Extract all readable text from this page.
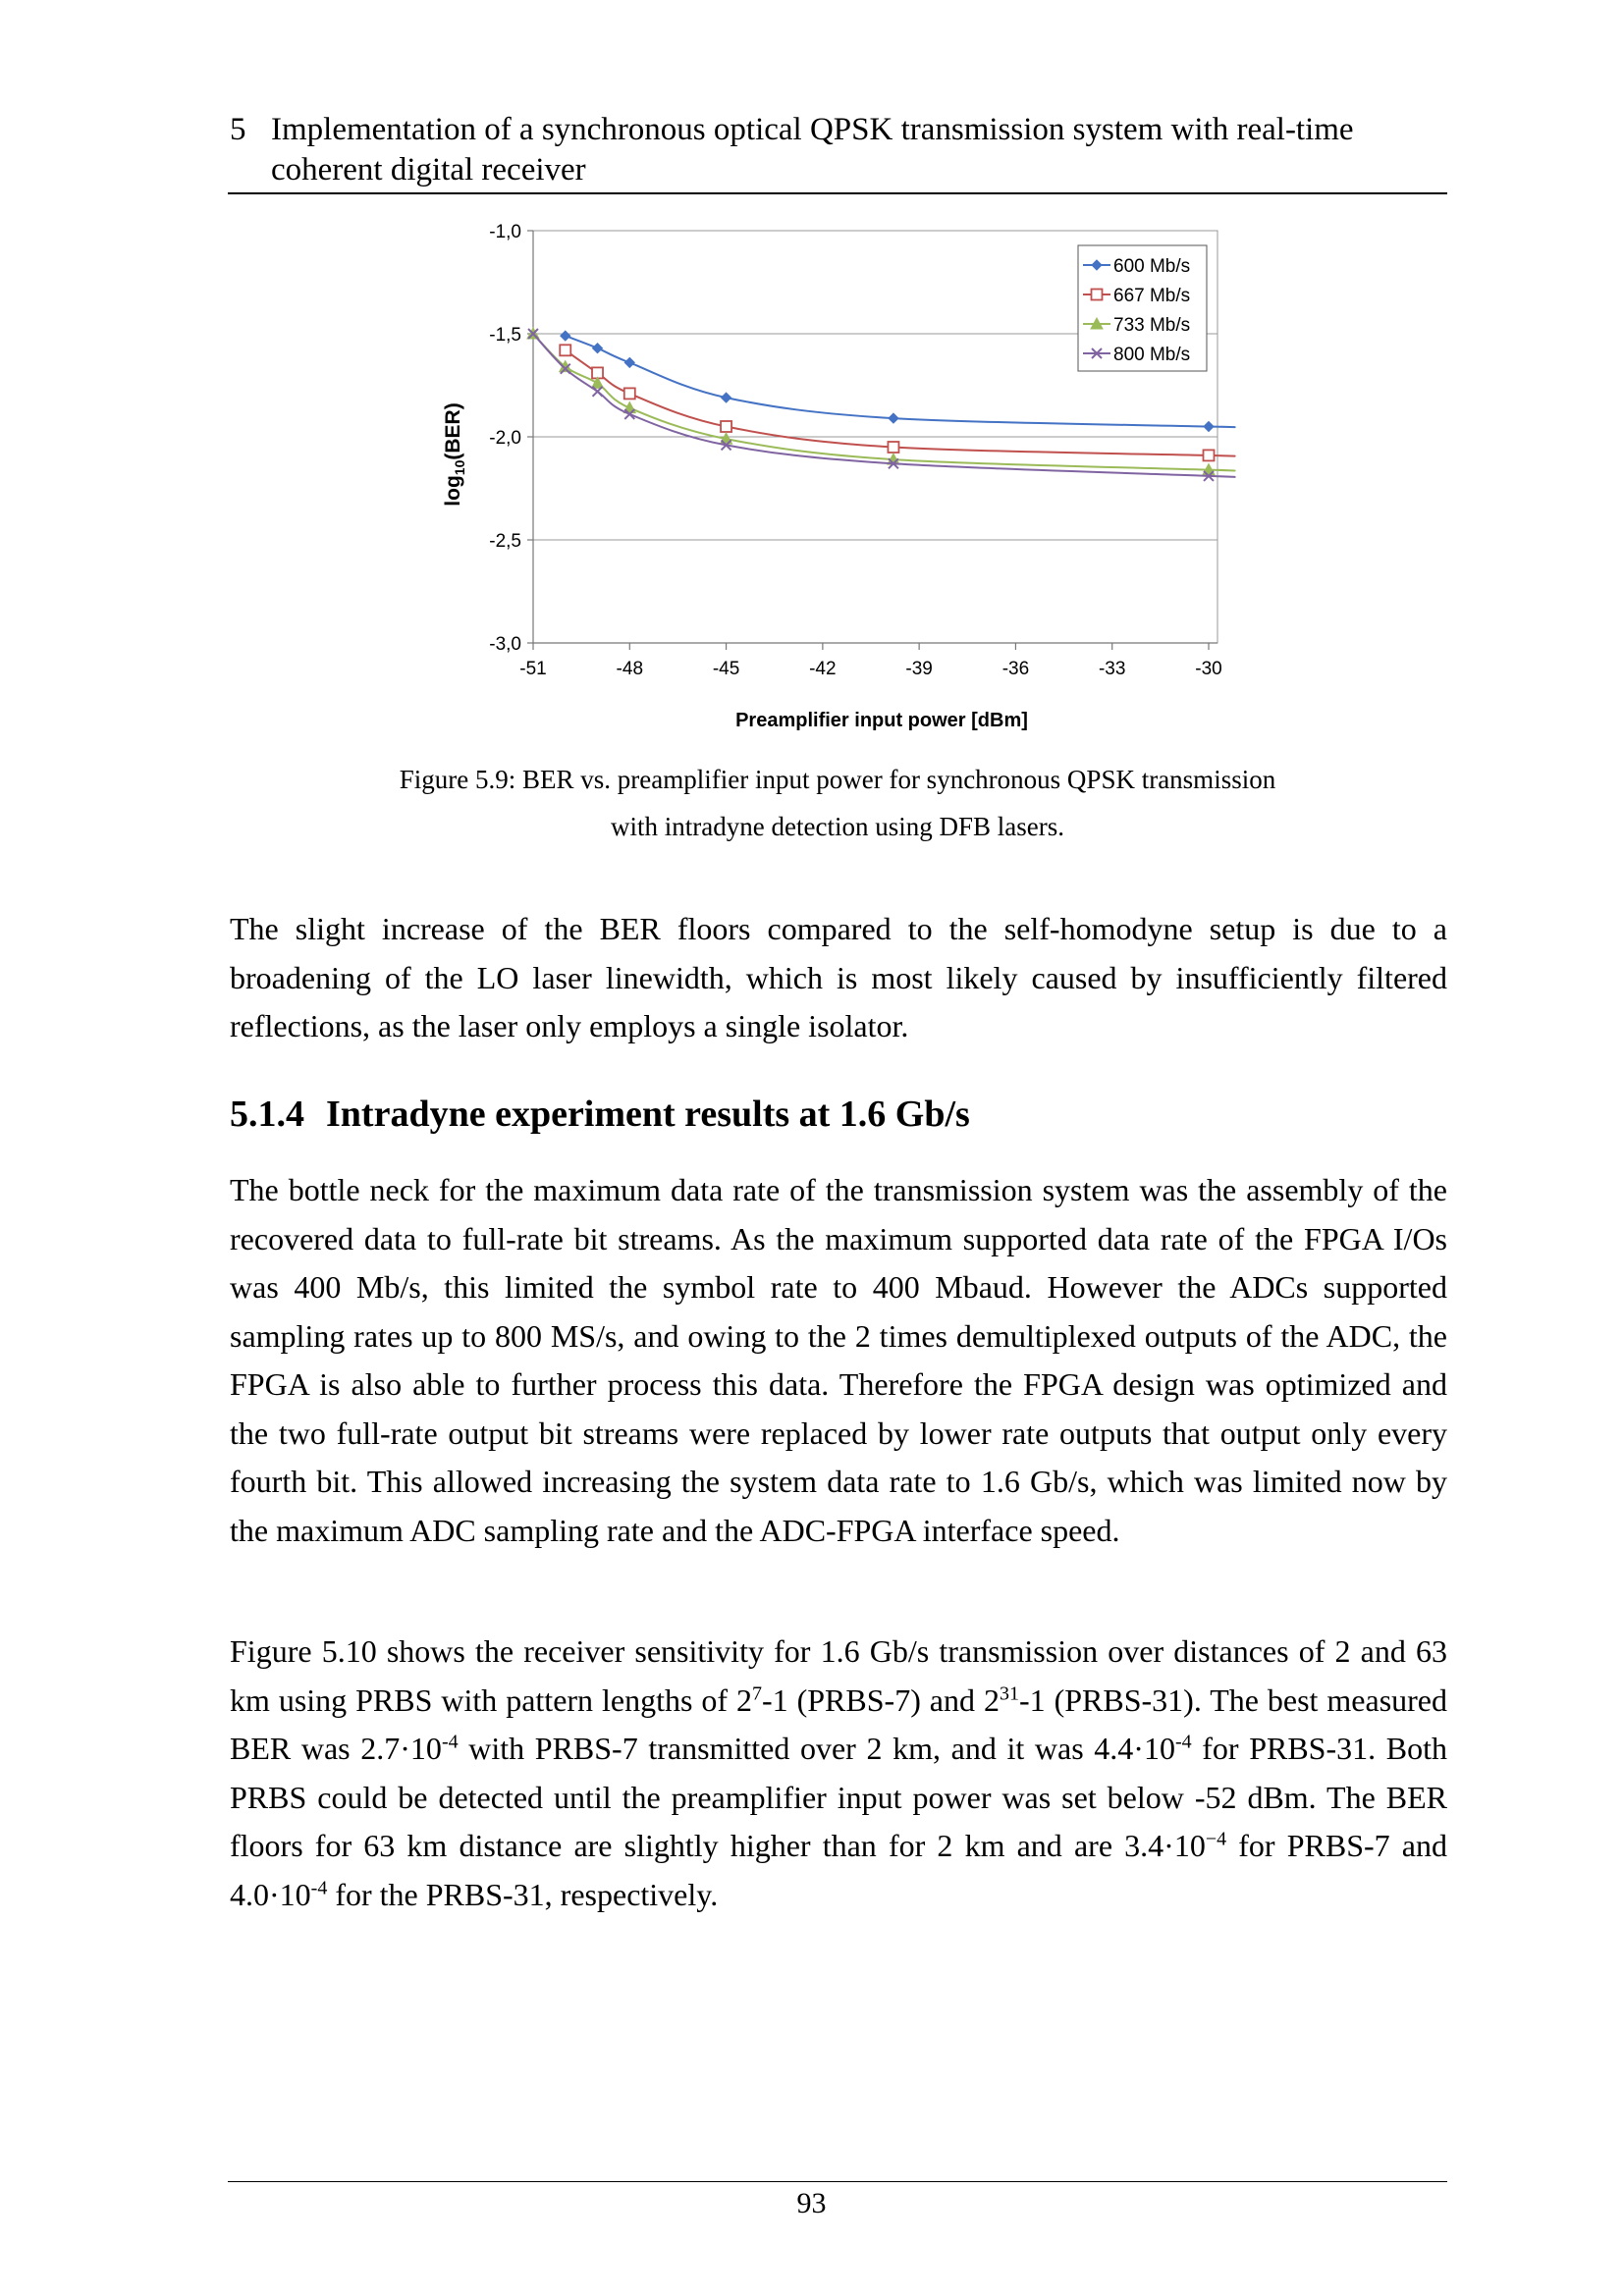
5 Implementation of a synchronous optical QPSK transmission system with real-time coherent digital receiver
-1,0
-1,5
-2,0
-2,5
-3,0
-51	-48	-45	-42	-39	-36	-33	-30
600 Mb/s
667 Mb/s
733 Mb/s
800 Mb/s
Preamplifier input power [dBm]
$\log_{10}(BER)$
Figure 5.9: BER vs. preamplifier input power for synchronous QPSK transmission
with intradyne detection using DFB lasers.
The slight increase of the BER floors compared to the self-homodyne setup is due to a broadening of the LO laser linewidth, which is most likely caused by insufficiently filtered reflections, as the laser only employs a single isolator.
5.1.4 Intradyne experiment results at 1.6 Gb/s
The bottle neck for the maximum data rate of the transmission system was the assembly of the recovered data to full-rate bit streams. As the maximum supported data rate of the FPGA I/Os was 400 Mb/s, this limited the symbol rate to 400 Mbaud. However the ADCs supported sampling rates up to 800 MS/s, and owing to the 2 times demultiplexed outputs of the ADC, the FPGA is also able to further process this data. Therefore the FPGA design was optimized and the two full-rate output bit streams were replaced by lower rate outputs that output only every fourth bit. This allowed increasing the system data rate to 1.6 Gb/s, which was limited now by the maximum ADC sampling rate and the ADC-FPGA interface speed.
Figure 5.10 shows the receiver sensitivity for 1.6 Gb/s transmission over distances of 2 and 63 km using PRBS with pattern lengths of $2^7-1$ (PRBS-7) and $2^{31}-1$ (PRBS-31). The best measured BER was $2.7\cdot 10^{-4}$ with PRBS-7 transmitted over 2 km, and it was $4.4\cdot 10^{-4}$ for PRBS-31. Both PRBS could be detected until the preamplifier input power was set below -52 dBm. The BER floors for 63 km distance are slightly higher than for 2 km and are $3.4\cdot 10^{-4}$ for PRBS-7 and $4.0\cdot 10^{-4}$ for the PRBS-31, respectively.
93
